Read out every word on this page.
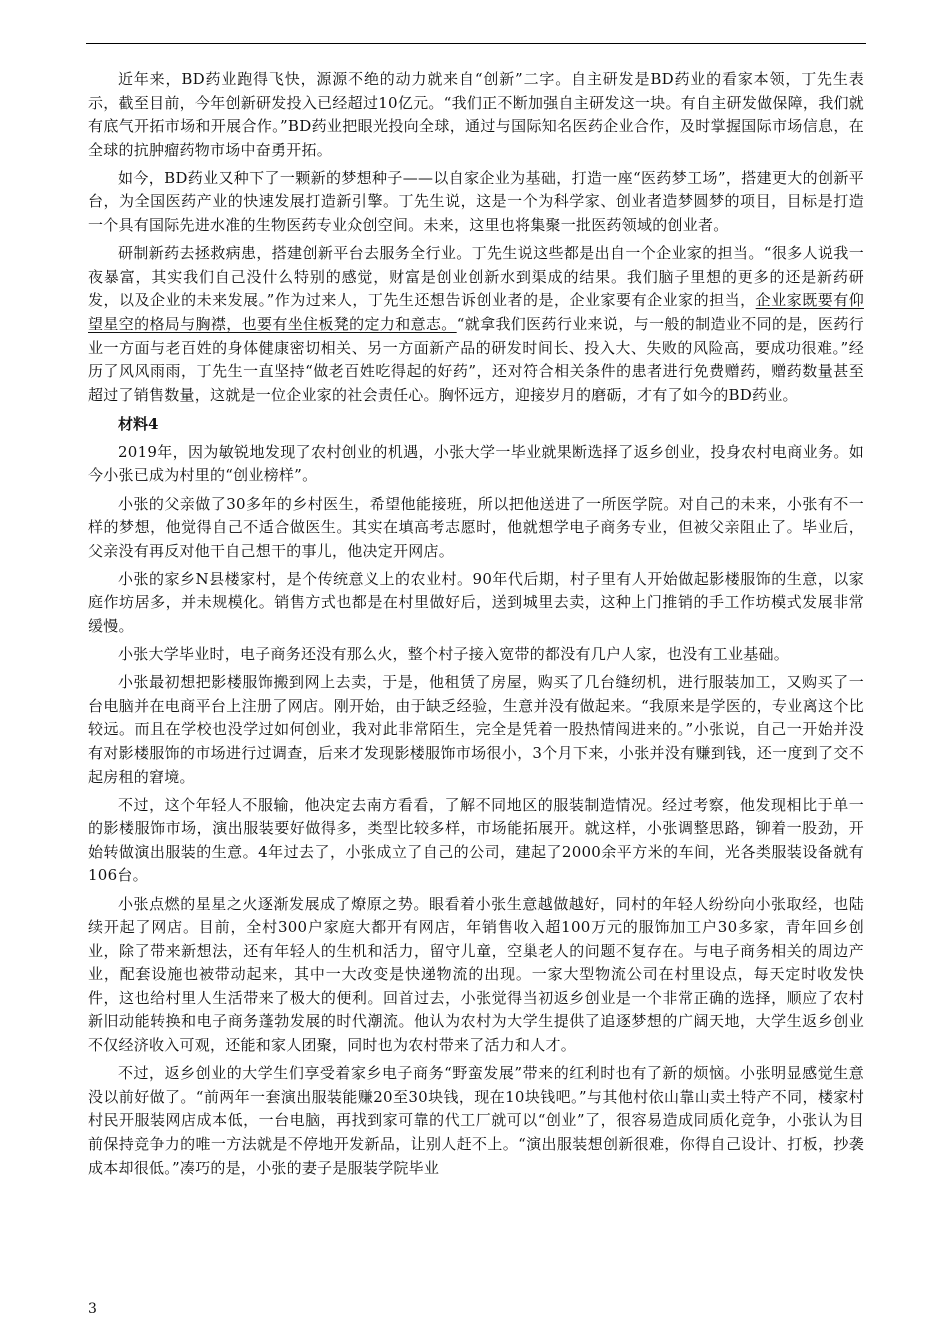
近年来，BD药业跑得飞快，源源不绝的动力就来自“创新”二字。自主研发是BD药业的看家本领，丁先生表示，截至目前，今年创新研发投入已经超过10亿元。“我们正不断加强自主研发这一块。有自主研发做保障，我们就有底气开拓市场和开展合作。”BD药业把眼光投向全球，通过与国际知名医药企业合作，及时掌握国际市场信息，在全球的抗肿瘤药物市场中奋勇开拓。

如今，BD药业又种下了一颗新的梦想种子——以自家企业为基础，打造一座“医药梦工场”，搭建更大的创新平台，为全国医药产业的快速发展打造新引擎。丁先生说，这是一个为科学家、创业者造梦圆梦的项目，目标是打造一个具有国际先进水准的生物医药专业众创空间。未来，这里也将集聚一批医药领域的创业者。

研制新药去拯救病患，搭建创新平台去服务全行业。丁先生说这些都是出自一个企业家的担当。“很多人说我一夜暴富，其实我们自己没什么特别的感觉，财富是创业创新水到渠成的结果。我们脑子里想的更多的还是新药研发，以及企业的未来发展。”作为过来人，丁先生还想告诉创业者的是，企业家要有企业家的担当，企业家既要有仰望星空的格局与胸襟，也要有坐住板凳的定力和意志。“就拿我们医药行业来说，与一般的制造业不同的是，医药行业一方面与老百姓的身体健康密切相关、另一方面新产品的研发时间长、投入大、失败的风险高，要成功很难。”经历了风风雨雨，丁先生一直坚持“做老百姓吃得起的好药”，还对符合相关条件的患者进行免费赠药，赠药数量甚至超过了销售数量，这就是一位企业家的社会责任心。胸怀远方，迎接岁月的磨砺，才有了如今的BD药业。

材料4

2019年，因为敏锐地发现了农村创业的机遇，小张大学一毕业就果断选择了返乡创业，投身农村电商业务。如今小张已成为村里的“创业榜样”。

小张的父亲做了30多年的乡村医生，希望他能接班，所以把他送进了一所医学院。对自己的未来，小张有不一样的梦想，他觉得自己不适合做医生。其实在填高考志愿时，他就想学电子商务专业，但被父亲阻止了。毕业后，父亲没有再反对他干自己想干的事儿，他决定开网店。

小张的家乡N县楼家村，是个传统意义上的农业村。90年代后期，村子里有人开始做起影楼服饰的生意，以家庭作坊居多，并未规模化。销售方式也都是在村里做好后，送到城里去卖，这种上门推销的手工作坊模式发展非常缓慢。

小张大学毕业时，电子商务还没有那么火，整个村子接入宽带的都没有几户人家，也没有工业基础。

小张最初想把影楼服饰搬到网上去卖，于是，他租赁了房屋，购买了几台缝纫机，进行服装加工，又购买了一台电脑并在电商平台上注册了网店。刚开始，由于缺乏经验，生意并没有做起来。“我原来是学医的，专业离这个比较远。而且在学校也没学过如何创业，我对此非常陌生，完全是凭着一股热情闯进来的。”小张说，自己一开始并没有对影楼服饰的市场进行过调查，后来才发现影楼服饰市场很小，3个月下来，小张并没有赚到钱，还一度到了交不起房租的窘境。

不过，这个年轻人不服输，他决定去南方看看，了解不同地区的服装制造情况。经过考察，他发现相比于单一的影楼服饰市场，演出服装要好做得多，类型比较多样，市场能拓展开。就这样，小张调整思路，铆着一股劲，开始转做演出服装的生意。4年过去了，小张成立了自己的公司，建起了2000余平方米的车间，光各类服装设备就有106台。

小张点燃的星星之火逐渐发展成了燎原之势。眼看着小张生意越做越好，同村的年轻人纷纷向小张取经，也陆续开起了网店。目前，全村300户家庭大都开有网店，年销售收入超100万元的服饰加工户30多家，青年回乡创业，除了带来新想法，还有年轻人的生机和活力，留守儿童，空巢老人的问题不复存在。与电子商务相关的周边产业，配套设施也被带动起来，其中一大改变是快递物流的出现。一家大型物流公司在村里设点，每天定时收发快件，这也给村里人生活带来了极大的便利。回首过去，小张觉得当初返乡创业是一个非常正确的选择，顺应了农村新旧动能转换和电子商务蓬勃发展的时代潮流。他认为农村为大学生提供了追逐梦想的广阔天地，大学生返乡创业不仅经济收入可观，还能和家人团聚，同时也为农村带来了活力和人才。

不过，返乡创业的大学生们享受着家乡电子商务“野蛮发展”带来的红利时也有了新的烦恼。小张明显感觉生意没以前好做了。“前两年一套演出服装能赚20至30块钱，现在10块钱吧。”与其他村依山靠山卖土特产不同，楼家村村民开服装网店成本低，一台电脑，再找到家可靠的代工厂就可以“创业”了，很容易造成同质化竞争，小张认为目前保持竞争力的唯一方法就是不停地开发新品，让别人赶不上。“演出服装想创新很难，你得自己设计、打板，抄袭成本却很低。”凑巧的是，小张的妻子是服装学院毕业

3
